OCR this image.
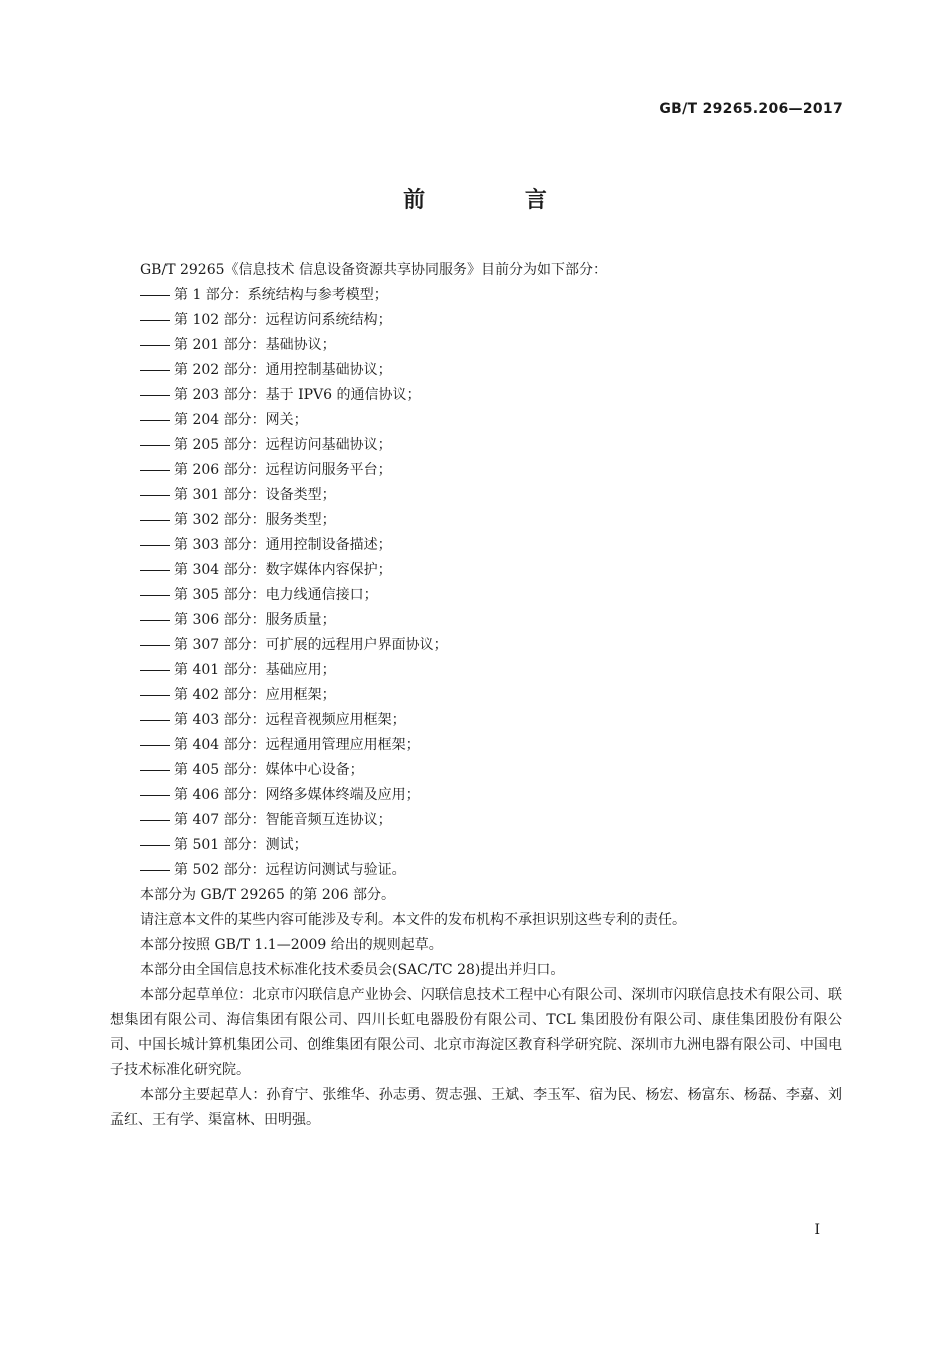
GB/T 29265.206—2017
前 言

GB/T 29265《信息技术 信息设备资源共享协同服务》目前分为如下部分：

第 1 部分：系统结构与参考模型；
第 102 部分：远程访问系统结构；
第 201 部分：基础协议；
第 202 部分：通用控制基础协议；
第 203 部分：基于 IPV6 的通信协议；
第 204 部分：网关；
第 205 部分：远程访问基础协议；
第 206 部分：远程访问服务平台；
第 301 部分：设备类型；
第 302 部分：服务类型；
第 303 部分：通用控制设备描述；
第 304 部分：数字媒体内容保护；
第 305 部分：电力线通信接口；
第 306 部分：服务质量；
第 307 部分：可扩展的远程用户界面协议；
第 401 部分：基础应用；
第 402 部分：应用框架；
第 403 部分：远程音视频应用框架；
第 404 部分：远程通用管理应用框架；
第 405 部分：媒体中心设备；
第 406 部分：网络多媒体终端及应用；
第 407 部分：智能音频互连协议；
第 501 部分：测试；
第 502 部分：远程访问测试与验证。

本部分为 GB/T 29265 的第 206 部分。

请注意本文件的某些内容可能涉及专利。本文件的发布机构不承担识别这些专利的责任。

本部分按照 GB/T 1.1—2009 给出的规则起草。

本部分由全国信息技术标准化技术委员会(SAC/TC 28)提出并归口。

本部分起草单位：北京市闪联信息产业协会、闪联信息技术工程中心有限公司、深圳市闪联信息技术有限公司、联想集团有限公司、海信集团有限公司、四川长虹电器股份有限公司、TCL 集团股份有限公司、康佳集团股份有限公司、中国长城计算机集团公司、创维集团有限公司、北京市海淀区教育科学研究院、深圳市九洲电器有限公司、中国电子技术标准化研究院。

本部分主要起草人：孙育宁、张维华、孙志勇、贺志强、王斌、李玉军、宿为民、杨宏、杨富东、杨磊、李嘉、刘孟红、王有学、渠富林、田明强。

I
